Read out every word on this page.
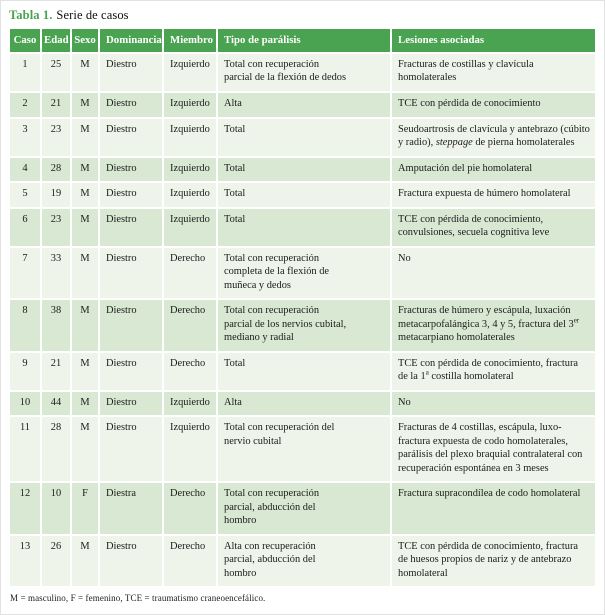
Tabla 1. Serie de casos
Caso	Edad	Sexo	Dominancia	Miembro	Tipo de parálisis	Lesiones asociadas
1	25	M	Diestro	Izquierdo	Total con recuperación parcial de la flexión de dedos	Fracturas de costillas y clavícula homolaterales
2	21	M	Diestro	Izquierdo	Alta	TCE con pérdida de conocimiento
3	23	M	Diestro	Izquierdo	Total	Seudoartrosis de clavícula y antebrazo (cúbito y radio), steppage de pierna homolaterales
4	28	M	Diestro	Izquierdo	Total	Amputación del pie homolateral
5	19	M	Diestro	Izquierdo	Total	Fractura expuesta de húmero homolateral
6	23	M	Diestro	Izquierdo	Total	TCE con pérdida de conocimiento, convulsiones, secuela cognitiva leve
7	33	M	Diestro	Derecho	Total con recuperación completa de la flexión de muñeca y dedos	No
8	38	M	Diestro	Derecho	Total con recuperación parcial de los nervios cubital, mediano y radial	Fracturas de húmero y escápula, luxación metacarpofalángica 3, 4 y 5, fractura del 3er metacarpiano homolaterales
9	21	M	Diestro	Derecho	Total	TCE con pérdida de conocimiento, fractura de la 1$^a$ costilla homolateral
10	44	M	Diestro	Izquierdo	Alta	No
11	28	M	Diestro	Izquierdo	Total con recuperación del nervio cubital	Fracturas de 4 costillas, escápula, luxo-fractura expuesta de codo homolaterales, parálisis del plexo braquial contralateral con recuperación espontánea en 3 meses
12	10	F	Diestra	Derecho	Total con recuperación parcial, abducción del hombro	Fractura supracondílea de codo homolateral
13	26	M	Diestro	Derecho	Alta con recuperación parcial, abducción del hombro	TCE con pérdida de conocimiento, fractura de huesos propios de nariz y de antebrazo homolateral
M = masculino, F = femenino, TCE = traumatismo craneoencefálico.
